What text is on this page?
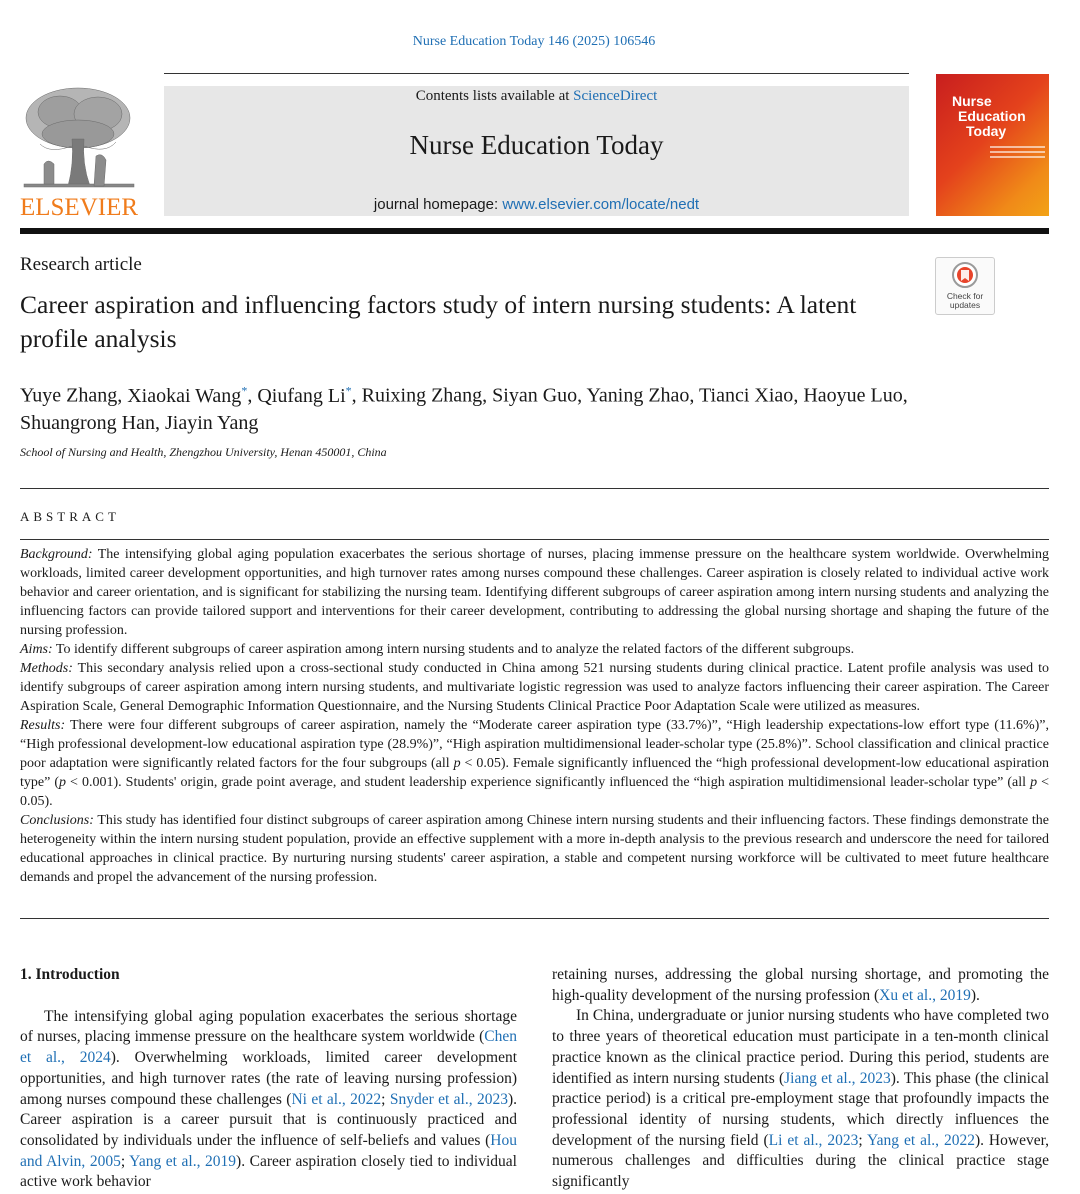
Nurse Education Today 146 (2025) 106546
ELSEVIER
Contents lists available at ScienceDirect
Nurse Education Today
journal homepage: www.elsevier.com/locate/nedt
Nurse
Education
Today
Research article
Career aspiration and influencing factors study of intern nursing students: A latent profile analysis
Check for
updates
Yuye Zhang, Xiaokai Wang*, Qiufang Li*, Ruixing Zhang, Siyan Guo, Yaning Zhao, Tianci Xiao, Haoyue Luo, Shuangrong Han, Jiayin Yang
School of Nursing and Health, Zhengzhou University, Henan 450001, China
ABSTRACT

Background: The intensifying global aging population exacerbates the serious shortage of nurses, placing immense pressure on the healthcare system worldwide. Overwhelming workloads, limited career development opportunities, and high turnover rates among nurses compound these challenges. Career aspiration is closely related to individual active work behavior and career orientation, and is significant for stabilizing the nursing team. Identifying different subgroups of career aspiration among intern nursing students and analyzing the influencing factors can provide tailored support and interventions for their career development, contributing to addressing the global nursing shortage and shaping the future of the nursing profession.

Aims: To identify different subgroups of career aspiration among intern nursing students and to analyze the related factors of the different subgroups.

Methods: This secondary analysis relied upon a cross-sectional study conducted in China among 521 nursing students during clinical practice. Latent profile analysis was used to identify subgroups of career aspiration among intern nursing students, and multivariate logistic regression was used to analyze factors influencing their career aspiration. The Career Aspiration Scale, General Demographic Information Questionnaire, and the Nursing Students Clinical Practice Poor Adaptation Scale were utilized as measures.

Results: There were four different subgroups of career aspiration, namely the “Moderate career aspiration type (33.7%)”, “High leadership expectations-low effort type (11.6%)”, “High professional development-low educational aspiration type (28.9%)”, “High aspiration multidimensional leader-scholar type (25.8%)”. School classification and clinical practice poor adaptation were significantly related factors for the four subgroups (all p < 0.05). Female significantly influenced the “high professional development-low educational aspiration type” (p < 0.001). Students' origin, grade point average, and student leadership experience significantly influenced the “high aspiration multidimensional leader-scholar type” (all p < 0.05).

Conclusions: This study has identified four distinct subgroups of career aspiration among Chinese intern nursing students and their influencing factors. These findings demonstrate the heterogeneity within the intern nursing student population, provide an effective supplement with a more in-depth analysis to the previous research and underscore the need for tailored educational approaches in clinical practice. By nurturing nursing students' career aspiration, a stable and competent nursing workforce will be cultivated to meet future healthcare demands and propel the advancement of the nursing profession.

1. Introduction

The intensifying global aging population exacerbates the serious shortage of nurses, placing immense pressure on the healthcare system worldwide (Chen et al., 2024). Overwhelming workloads, limited career development opportunities, and high turnover rates (the rate of leaving nursing profession) among nurses compound these challenges (Ni et al., 2022; Snyder et al., 2023). Career aspiration is a career pursuit that is continuously practiced and consolidated by individuals under the influence of self-beliefs and values (Hou and Alvin, 2005; Yang et al., 2019). Career aspiration closely tied to individual active work behavior

retaining nurses, addressing the global nursing shortage, and promoting the high-quality development of the nursing profession (Xu et al., 2019).

In China, undergraduate or junior nursing students who have completed two to three years of theoretical education must participate in a ten-month clinical practice known as the clinical practice period. During this period, students are identified as intern nursing students (Jiang et al., 2023). This phase (the clinical practice period) is a critical pre-employment stage that profoundly impacts the professional identity of nursing students, which directly influences the development of the nursing field (Li et al., 2023; Yang et al., 2022). However, numerous challenges and difficulties during the clinical practice stage significantly
